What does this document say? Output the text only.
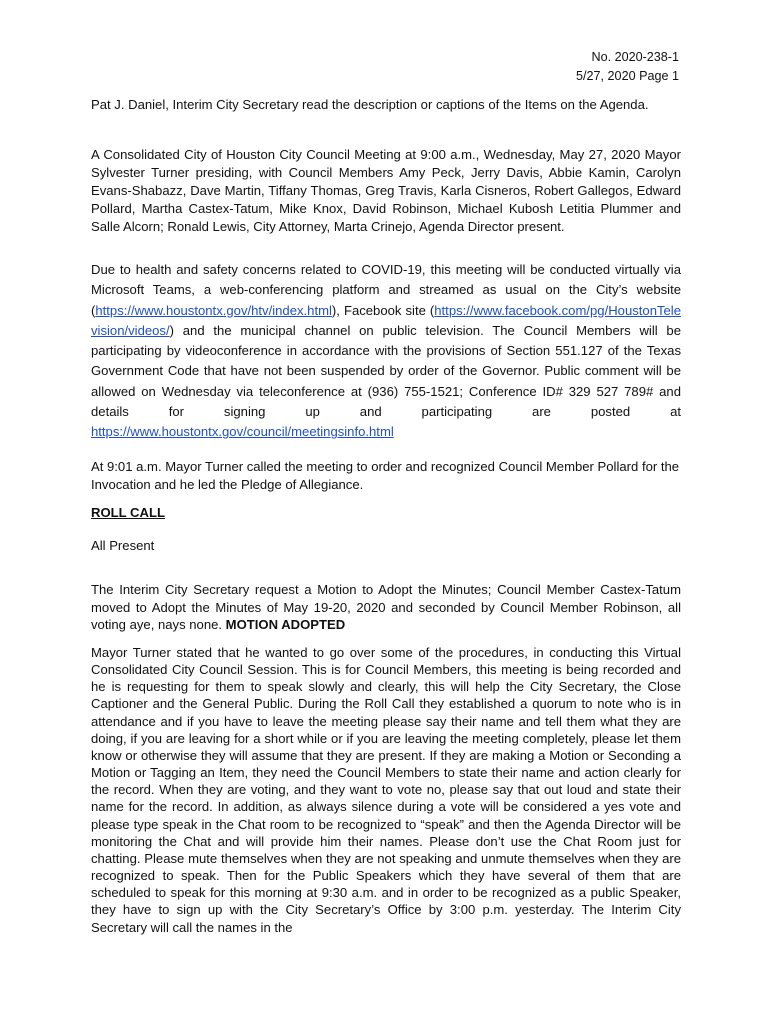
No. 2020-238-1
5/27, 2020 Page 1

Pat J. Daniel, Interim City Secretary read the description or captions of the Items on the Agenda.

A Consolidated City of Houston City Council Meeting at 9:00 a.m., Wednesday, May 27, 2020 Mayor Sylvester Turner presiding, with Council Members Amy Peck, Jerry Davis, Abbie Kamin, Carolyn Evans-Shabazz, Dave Martin, Tiffany Thomas, Greg Travis, Karla Cisneros, Robert Gallegos, Edward Pollard, Martha Castex-Tatum, Mike Knox, David Robinson, Michael Kubosh Letitia Plummer and Salle Alcorn; Ronald Lewis, City Attorney, Marta Crinejo, Agenda Director present.

Due to health and safety concerns related to COVID-19, this meeting will be conducted virtually via Microsoft Teams, a web-conferencing platform and streamed as usual on the City’s website (https://www.houstontx.gov/htv/index.html), Facebook site (https://www.facebook.com/pg/HoustonTelevision/videos/) and the municipal channel on public television. The Council Members will be participating by videoconference in accordance with the provisions of Section 551.127 of the Texas Government Code that have not been suspended by order of the Governor. Public comment will be allowed on Wednesday via teleconference at (936) 755-1521; Conference ID# 329 527 789# and details for signing up and participating are posted at https://www.houstontx.gov/council/meetingsinfo.html

At 9:01 a.m. Mayor Turner called the meeting to order and recognized Council Member Pollard for the Invocation and he led the Pledge of Allegiance.

ROLL CALL

All Present

The Interim City Secretary request a Motion to Adopt the Minutes; Council Member Castex-Tatum moved to Adopt the Minutes of May 19-20, 2020 and seconded by Council Member Robinson, all voting aye, nays none. MOTION ADOPTED

Mayor Turner stated that he wanted to go over some of the procedures, in conducting this Virtual Consolidated City Council Session. This is for Council Members, this meeting is being recorded and he is requesting for them to speak slowly and clearly, this will help the City Secretary, the Close Captioner and the General Public. During the Roll Call they established a quorum to note who is in attendance and if you have to leave the meeting please say their name and tell them what they are doing, if you are leaving for a short while or if you are leaving the meeting completely, please let them know or otherwise they will assume that they are present. If they are making a Motion or Seconding a Motion or Tagging an Item, they need the Council Members to state their name and action clearly for the record. When they are voting, and they want to vote no, please say that out loud and state their name for the record. In addition, as always silence during a vote will be considered a yes vote and please type speak in the Chat room to be recognized to “speak” and then the Agenda Director will be monitoring the Chat and will provide him their names. Please don’t use the Chat Room just for chatting. Please mute themselves when they are not speaking and unmute themselves when they are recognized to speak. Then for the Public Speakers which they have several of them that are scheduled to speak for this morning at 9:30 a.m. and in order to be recognized as a public Speaker, they have to sign up with the City Secretary’s Office by 3:00 p.m. yesterday. The Interim City Secretary will call the names in the
